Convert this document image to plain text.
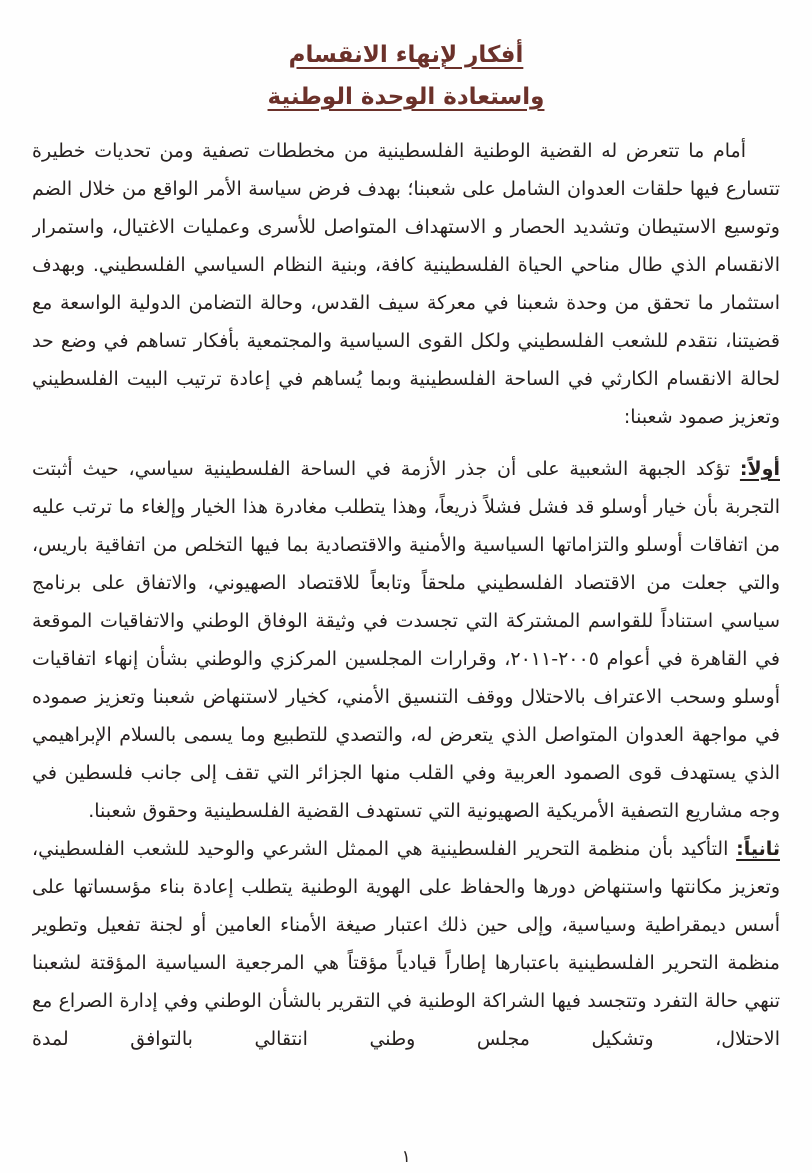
أفكار لإنهاء الانقسام
واستعادة الوحدة الوطنية

أمام ما تتعرض له القضية الوطنية الفلسطينية من مخططات تصفية ومن تحديات خطيرة تتسارع فيها حلقات العدوان الشامل على شعبنا؛ بهدف فرض سياسة الأمر الواقع من خلال الضم وتوسيع الاستيطان وتشديد الحصار و الاستهداف المتواصل للأسرى وعمليات الاغتيال، واستمرار الانقسام الذي طال مناحي الحياة الفلسطينية كافة، وبنية النظام السياسي الفلسطيني. وبهدف استثمار ما تحقق من وحدة شعبنا في معركة سيف القدس، وحالة التضامن الدولية الواسعة مع قضيتنا، نتقدم للشعب الفلسطيني ولكل القوى السياسية والمجتمعية بأفكار تساهم في وضع حد لحالة الانقسام الكارثي في الساحة الفلسطينية وبما يُساهم في إعادة ترتيب البيت الفلسطيني وتعزيز صمود شعبنا:

أولاً: تؤكد الجبهة الشعبية على أن جذر الأزمة في الساحة الفلسطينية سياسي، حيث أثبتت التجربة بأن خيار أوسلو قد فشل فشلاً ذريعاً، وهذا يتطلب مغادرة هذا الخيار وإلغاء ما ترتب عليه من اتفاقات أوسلو والتزاماتها السياسية والأمنية والاقتصادية بما فيها التخلص من اتفاقية باريس، والتي جعلت من الاقتصاد الفلسطيني ملحقاً وتابعاً للاقتصاد الصهيوني، والاتفاق على برنامج سياسي استناداً للقواسم المشتركة التي تجسدت في وثيقة الوفاق الوطني والاتفاقيات الموقعة في القاهرة في أعوام ٢٠٠٥-٢٠١١، وقرارات المجلسين المركزي والوطني بشأن إنهاء اتفاقيات أوسلو وسحب الاعتراف بالاحتلال ووقف التنسيق الأمني، كخيار لاستنهاض شعبنا وتعزيز صموده في مواجهة العدوان المتواصل الذي يتعرض له، والتصدي للتطبيع وما يسمى بالسلام الإبراهيمي الذي يستهدف قوى الصمود العربية وفي القلب منها الجزائر التي تقف إلى جانب فلسطين في وجه مشاريع التصفية الأمريكية الصهيونية التي تستهدف القضية الفلسطينية وحقوق شعبنا.

ثانياً: التأكيد بأن منظمة التحرير الفلسطينية هي الممثل الشرعي والوحيد للشعب الفلسطيني، وتعزيز مكانتها واستنهاض دورها والحفاظ على الهوية الوطنية يتطلب إعادة بناء مؤسساتها على أسس ديمقراطية وسياسية، وإلى حين ذلك اعتبار صيغة الأمناء العامين أو لجنة تفعيل وتطوير منظمة التحرير الفلسطينية باعتبارها إطاراً قيادياً مؤقتاً هي المرجعية السياسية المؤقتة لشعبنا تنهي حالة التفرد وتتجسد فيها الشراكة الوطنية في التقرير بالشأن الوطني وفي إدارة الصراع مع الاحتلال، وتشكيل مجلس وطني انتقالي بالتوافق لمدة

١
